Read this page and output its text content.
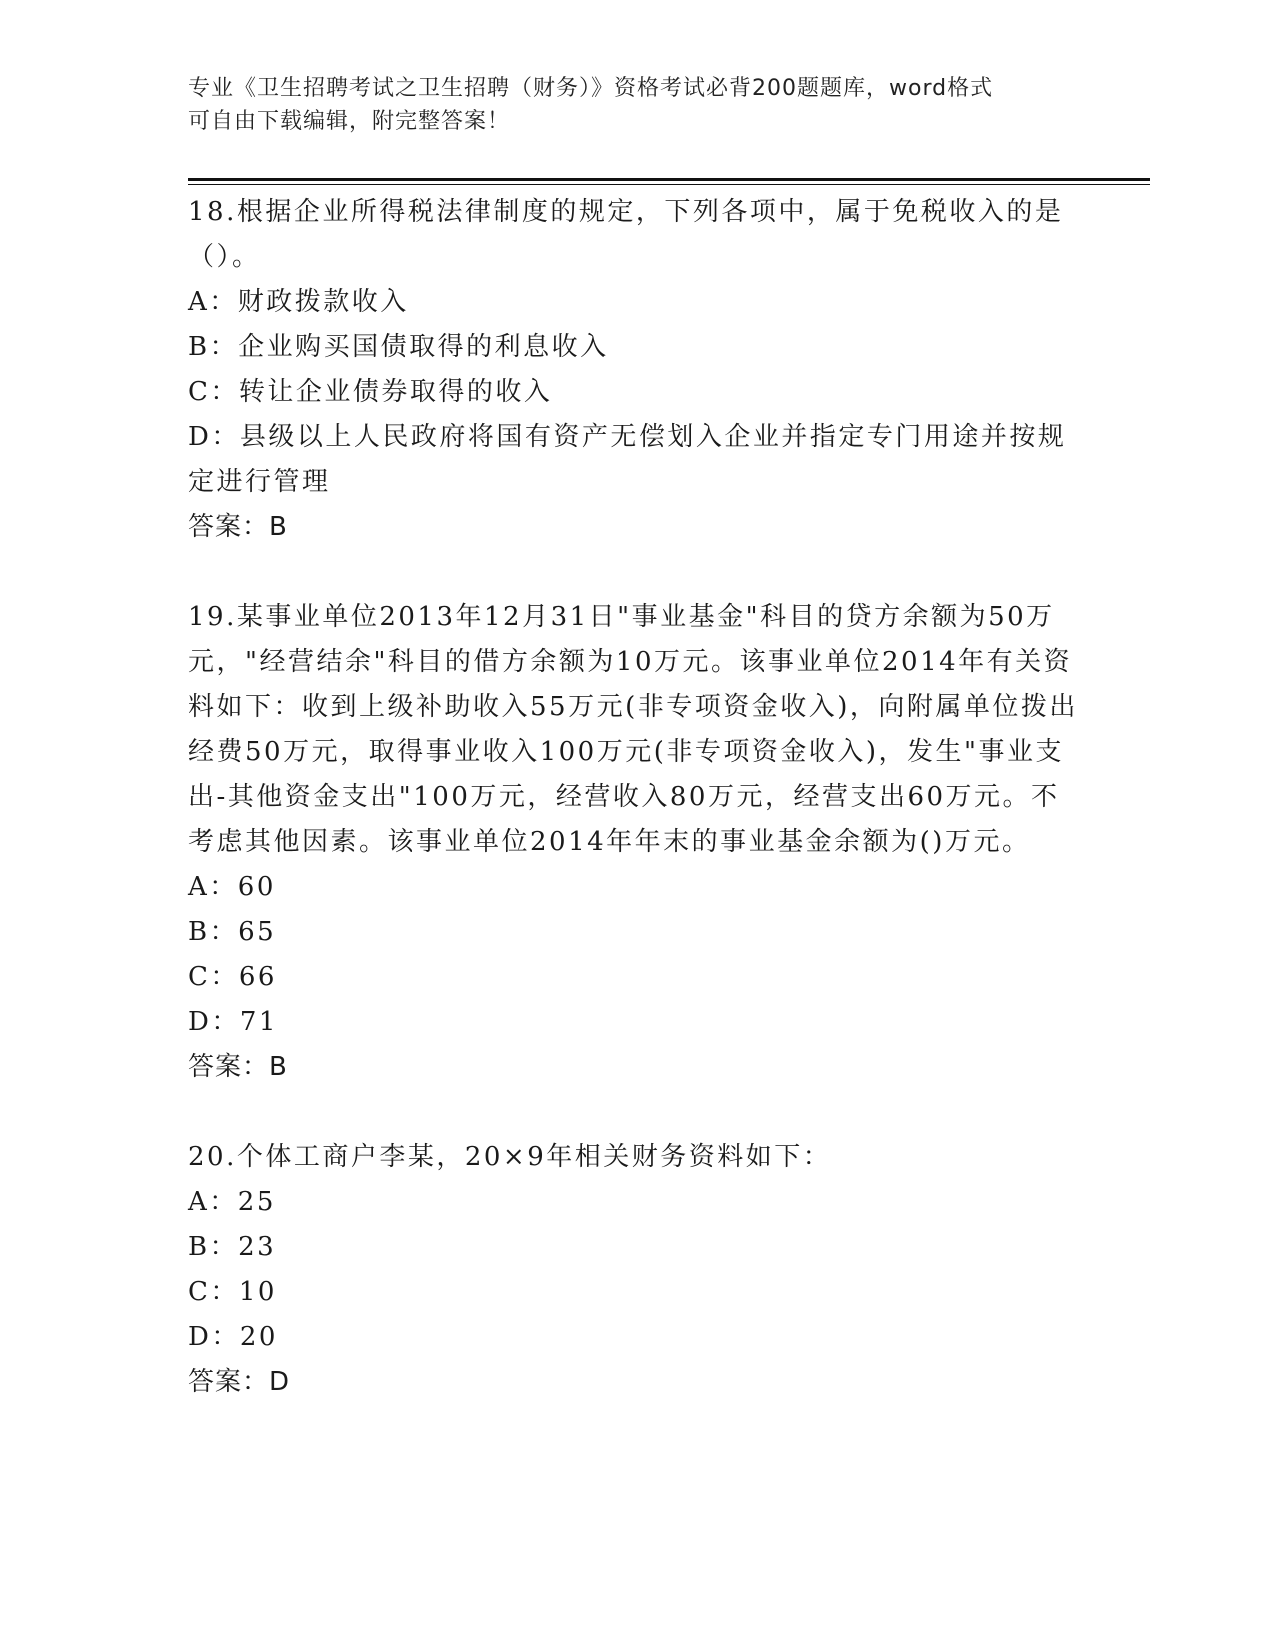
专业《卫生招聘考试之卫生招聘（财务）》资格考试必背200题题库，word格式
可自由下载编辑，附完整答案！

18.根据企业所得税法律制度的规定，下列各项中，属于免税收入的是（）。

A：财政拨款收入

B：企业购买国债取得的利息收入

C：转让企业债券取得的收入

D：县级以上人民政府将国有资产无偿划入企业并指定专门用途并按规定进行管理

答案：B

19.某事业单位2013年12月31日"事业基金"科目的贷方余额为50万元，"经营结余"科目的借方余额为10万元。该事业单位2014年有关资料如下：收到上级补助收入55万元(非专项资金收入)，向附属单位拨出经费50万元，取得事业收入100万元(非专项资金收入)，发生"事业支出-其他资金支出"100万元，经营收入80万元，经营支出60万元。不考虑其他因素。该事业单位2014年年末的事业基金余额为()万元。

A：60

B：65

C：66

D：71

答案：B

20.个体工商户李某，20×9年相关财务资料如下：

A：25

B：23

C：10

D：20

答案：D
